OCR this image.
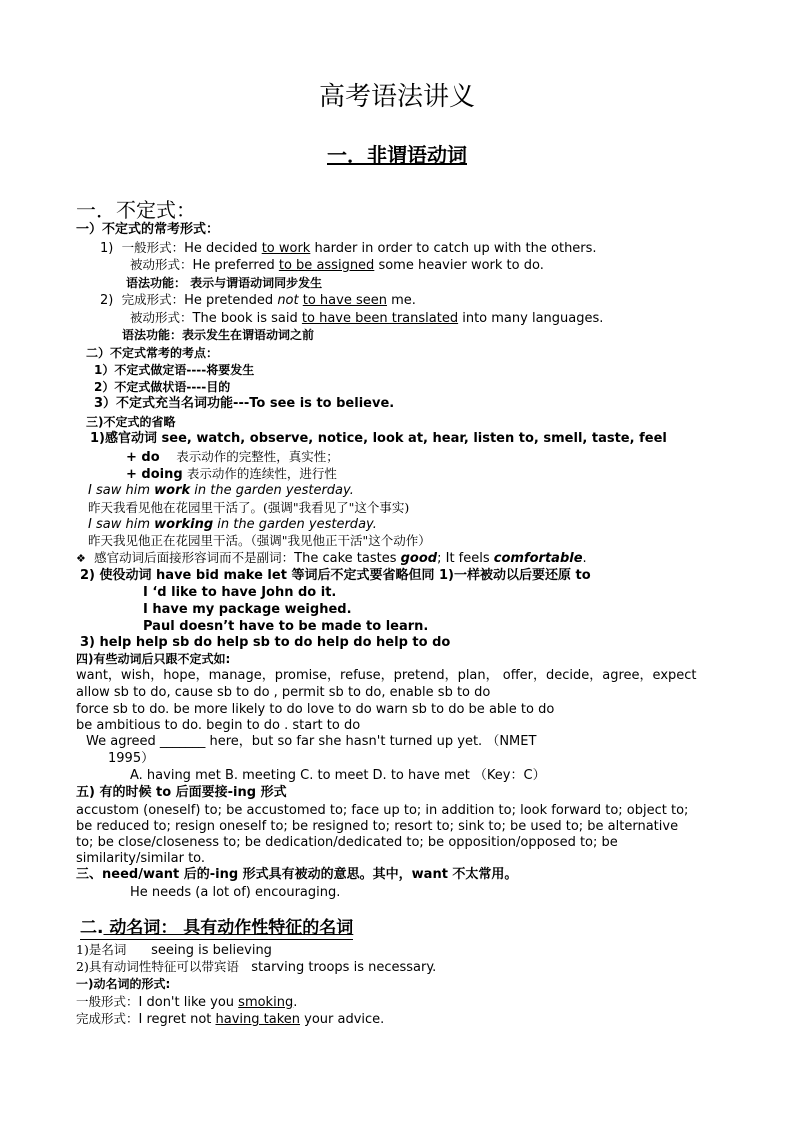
高考语法讲义
一．非谓语动词
一．不定式：
一）不定式的常考形式：
1) 一般形式：He decided to work harder in order to catch up with the others.
被动形式：He preferred to be assigned some heavier work to do.
语法功能： 表示与谓语动词同步发生
2) 完成形式：He pretended not to have seen me.
被动形式：The book is said to have been translated into many languages.
语法功能：表示发生在谓语动词之前
二）不定式常考的考点：
1）不定式做定语----将要发生
2）不定式做状语----目的
3）不定式充当名词功能---To see is to believe.
三)不定式的省略
1)感官动词 see, watch, observe, notice, look at, hear, listen to, smell, taste, feel
+ do 表示动作的完整性，真实性；
+ doing 表示动作的连续性，进行性
I saw him work in the garden yesterday.
昨天我看见他在花园里干活了。(强调"我看见了"这个事实)
I saw him working in the garden yesterday.
昨天我见他正在花园里干活。（强调"我见他正干活"这个动作）
❖ 感官动词后面接形容词而不是副词：The cake tastes good; It feels comfortable.
2) 使役动词 have bid make let 等词后不定式要省略但同 1)一样被动以后要还原 to
I ‘d like to have John do it.
I have my package weighed.
Paul doesn’t have to be made to learn.
3) help help sb do help sb to do help do help to do
四)有些动词后只跟不定式如:
want，wish，hope，manage，promise，refuse，pretend，plan， offer，decide，agree，expect
allow sb to do, cause sb to do , permit sb to do, enable sb to do
force sb to do. be more likely to do love to do warn sb to do be able to do
be ambitious to do. begin to do . start to do
We agreed _______ here，but so far she hasn't turned up yet. （NMET
1995）
A. having met B. meeting C. to meet D. to have met （Key：C）
五) 有的时候 to 后面要接-ing 形式
accustom (oneself) to; be accustomed to; face up to; in addition to; look forward to; object to;
be reduced to; resign oneself to; be resigned to; resort to; sink to; be used to; be alternative
to; be close/closeness to; be dedication/dedicated to; be opposition/opposed to; be
similarity/similar to.
三、need/want 后的-ing 形式具有被动的意思。其中，want 不太常用。
He needs (a lot of) encouraging.
二. 动名词： 具有动作性特征的名词
1)是名词 seeing is believing
2)具有动词性特征可以带宾语 starving troops is necessary.
一)动名词的形式:
一般形式：I don't like you smoking.
完成形式：I regret not having taken your advice.
